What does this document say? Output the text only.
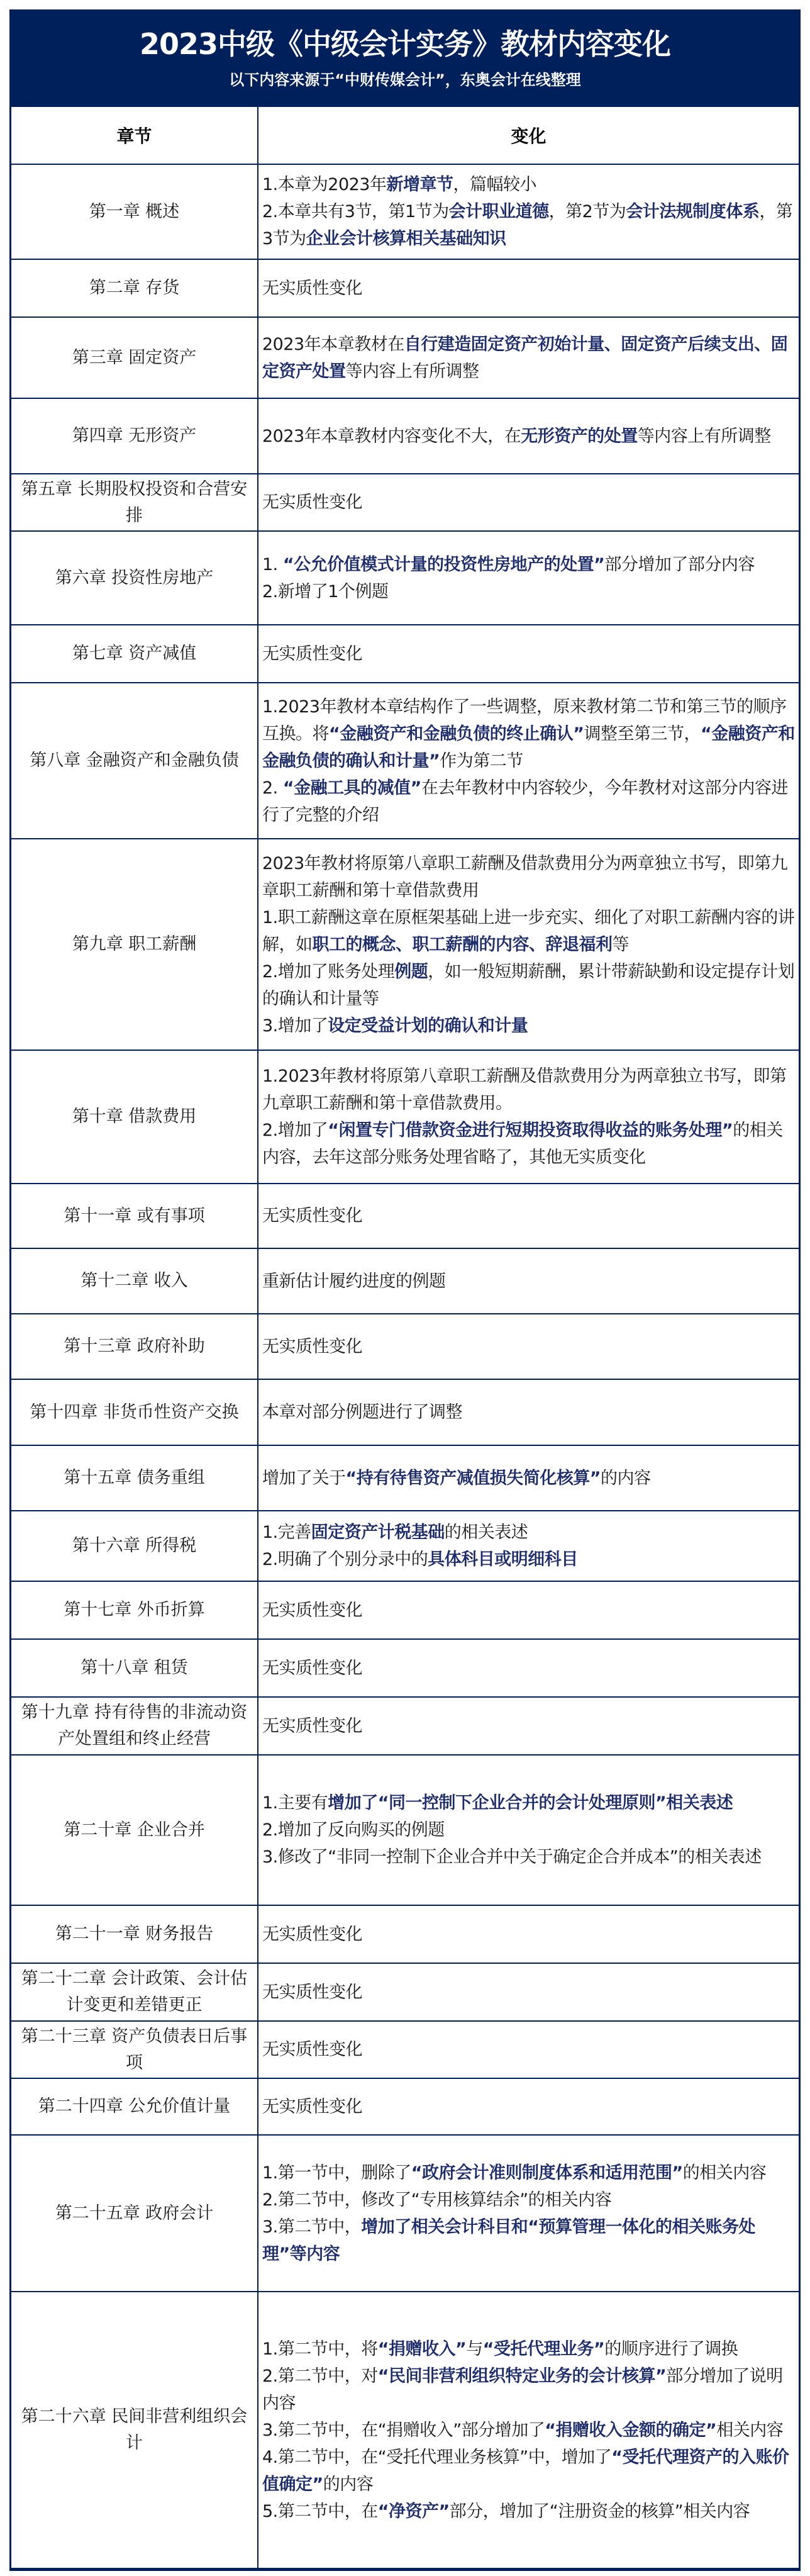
2023中级《中级会计实务》教材内容变化
以下内容来源于“中财传媒会计”，东奥会计在线整理
章节	变化
第一章 概述	1.本章为2023年新增章节，篇幅较小

2.本章共有3节，第1节为会计职业道德，第2节为会计法规制度体系，第3节为企业会计核算相关基础知识

第二章 存货	无实质性变化

第三章 固定资产	2023年本章教材在自行建造固定资产初始计量、固定资产后续支出、固定资产处置等内容上有所调整

第四章 无形资产	2023年本章教材内容变化不大，在无形资产的处置等内容上有所调整

第五章 长期股权投资和合营安排	无实质性变化

第六章 投资性房地产	1. “公允价值模式计量的投资性房地产的处置”部分增加了部分内容

2.新增了1个例题

第七章 资产减值	无实质性变化

第八章 金融资产和金融负债	1.2023年教材本章结构作了一些调整，原来教材第二节和第三节的顺序互换。将“金融资产和金融负债的终止确认”调整至第三节，“金融资产和金融负债的确认和计量”作为第二节

2. “金融工具的减值”在去年教材中内容较少，今年教材对这部分内容进行了完整的介绍

第九章 职工薪酬	2023年教材将原第八章职工薪酬及借款费用分为两章独立书写，即第九章职工薪酬和第十章借款费用

1.职工薪酬这章在原框架基础上进一步充实、细化了对职工薪酬内容的讲解，如职工的概念、职工薪酬的内容、辞退福利等

2.增加了账务处理例题，如一般短期薪酬，累计带薪缺勤和设定提存计划的确认和计量等

3.增加了设定受益计划的确认和计量

第十章 借款费用	1.2023年教材将原第八章职工薪酬及借款费用分为两章独立书写，即第九章职工薪酬和第十章借款费用。

2.增加了“闲置专门借款资金进行短期投资取得收益的账务处理”的相关内容，去年这部分账务处理省略了，其他无实质变化

第十一章 或有事项	无实质性变化

第十二章 收入	重新估计履约进度的例题

第十三章 政府补助	无实质性变化

第十四章 非货币性资产交换	本章对部分例题进行了调整

第十五章 债务重组	增加了关于“持有待售资产减值损失简化核算”的内容

第十六章 所得税	1.完善固定资产计税基础的相关表述

2.明确了个别分录中的具体科目或明细科目

第十七章 外币折算	无实质性变化

第十八章 租赁	无实质性变化

第十九章 持有待售的非流动资产处置组和终止经营	无实质性变化

第二十章 企业合并	1.主要有增加了“同一控制下企业合并的会计处理原则”相关表述

2.增加了反向购买的例题

3.修改了“非同一控制下企业合并中关于确定企合并成本”的相关表述

第二十一章 财务报告	无实质性变化

第二十二章 会计政策、会计估计变更和差错更正	无实质性变化

第二十三章 资产负债表日后事项	无实质性变化

第二十四章 公允价值计量	无实质性变化

第二十五章 政府会计	1.第一节中，删除了“政府会计准则制度体系和适用范围”的相关内容

2.第二节中，修改了“专用核算结余”的相关内容

3.第二节中，增加了相关会计科目和“预算管理一体化的相关账务处理”等内容

第二十六章 民间非营利组织会计	1.第二节中，将“捐赠收入”与“受托代理业务”的顺序进行了调换

2.第二节中，对“民间非营利组织特定业务的会计核算”部分增加了说明内容

3.第二节中，在“捐赠收入”部分增加了“捐赠收入金额的确定”相关内容

4.第二节中，在“受托代理业务核算”中，增加了“受托代理资产的入账价值确定”的内容

5.第二节中，在“净资产”部分，增加了“注册资金的核算”相关内容
